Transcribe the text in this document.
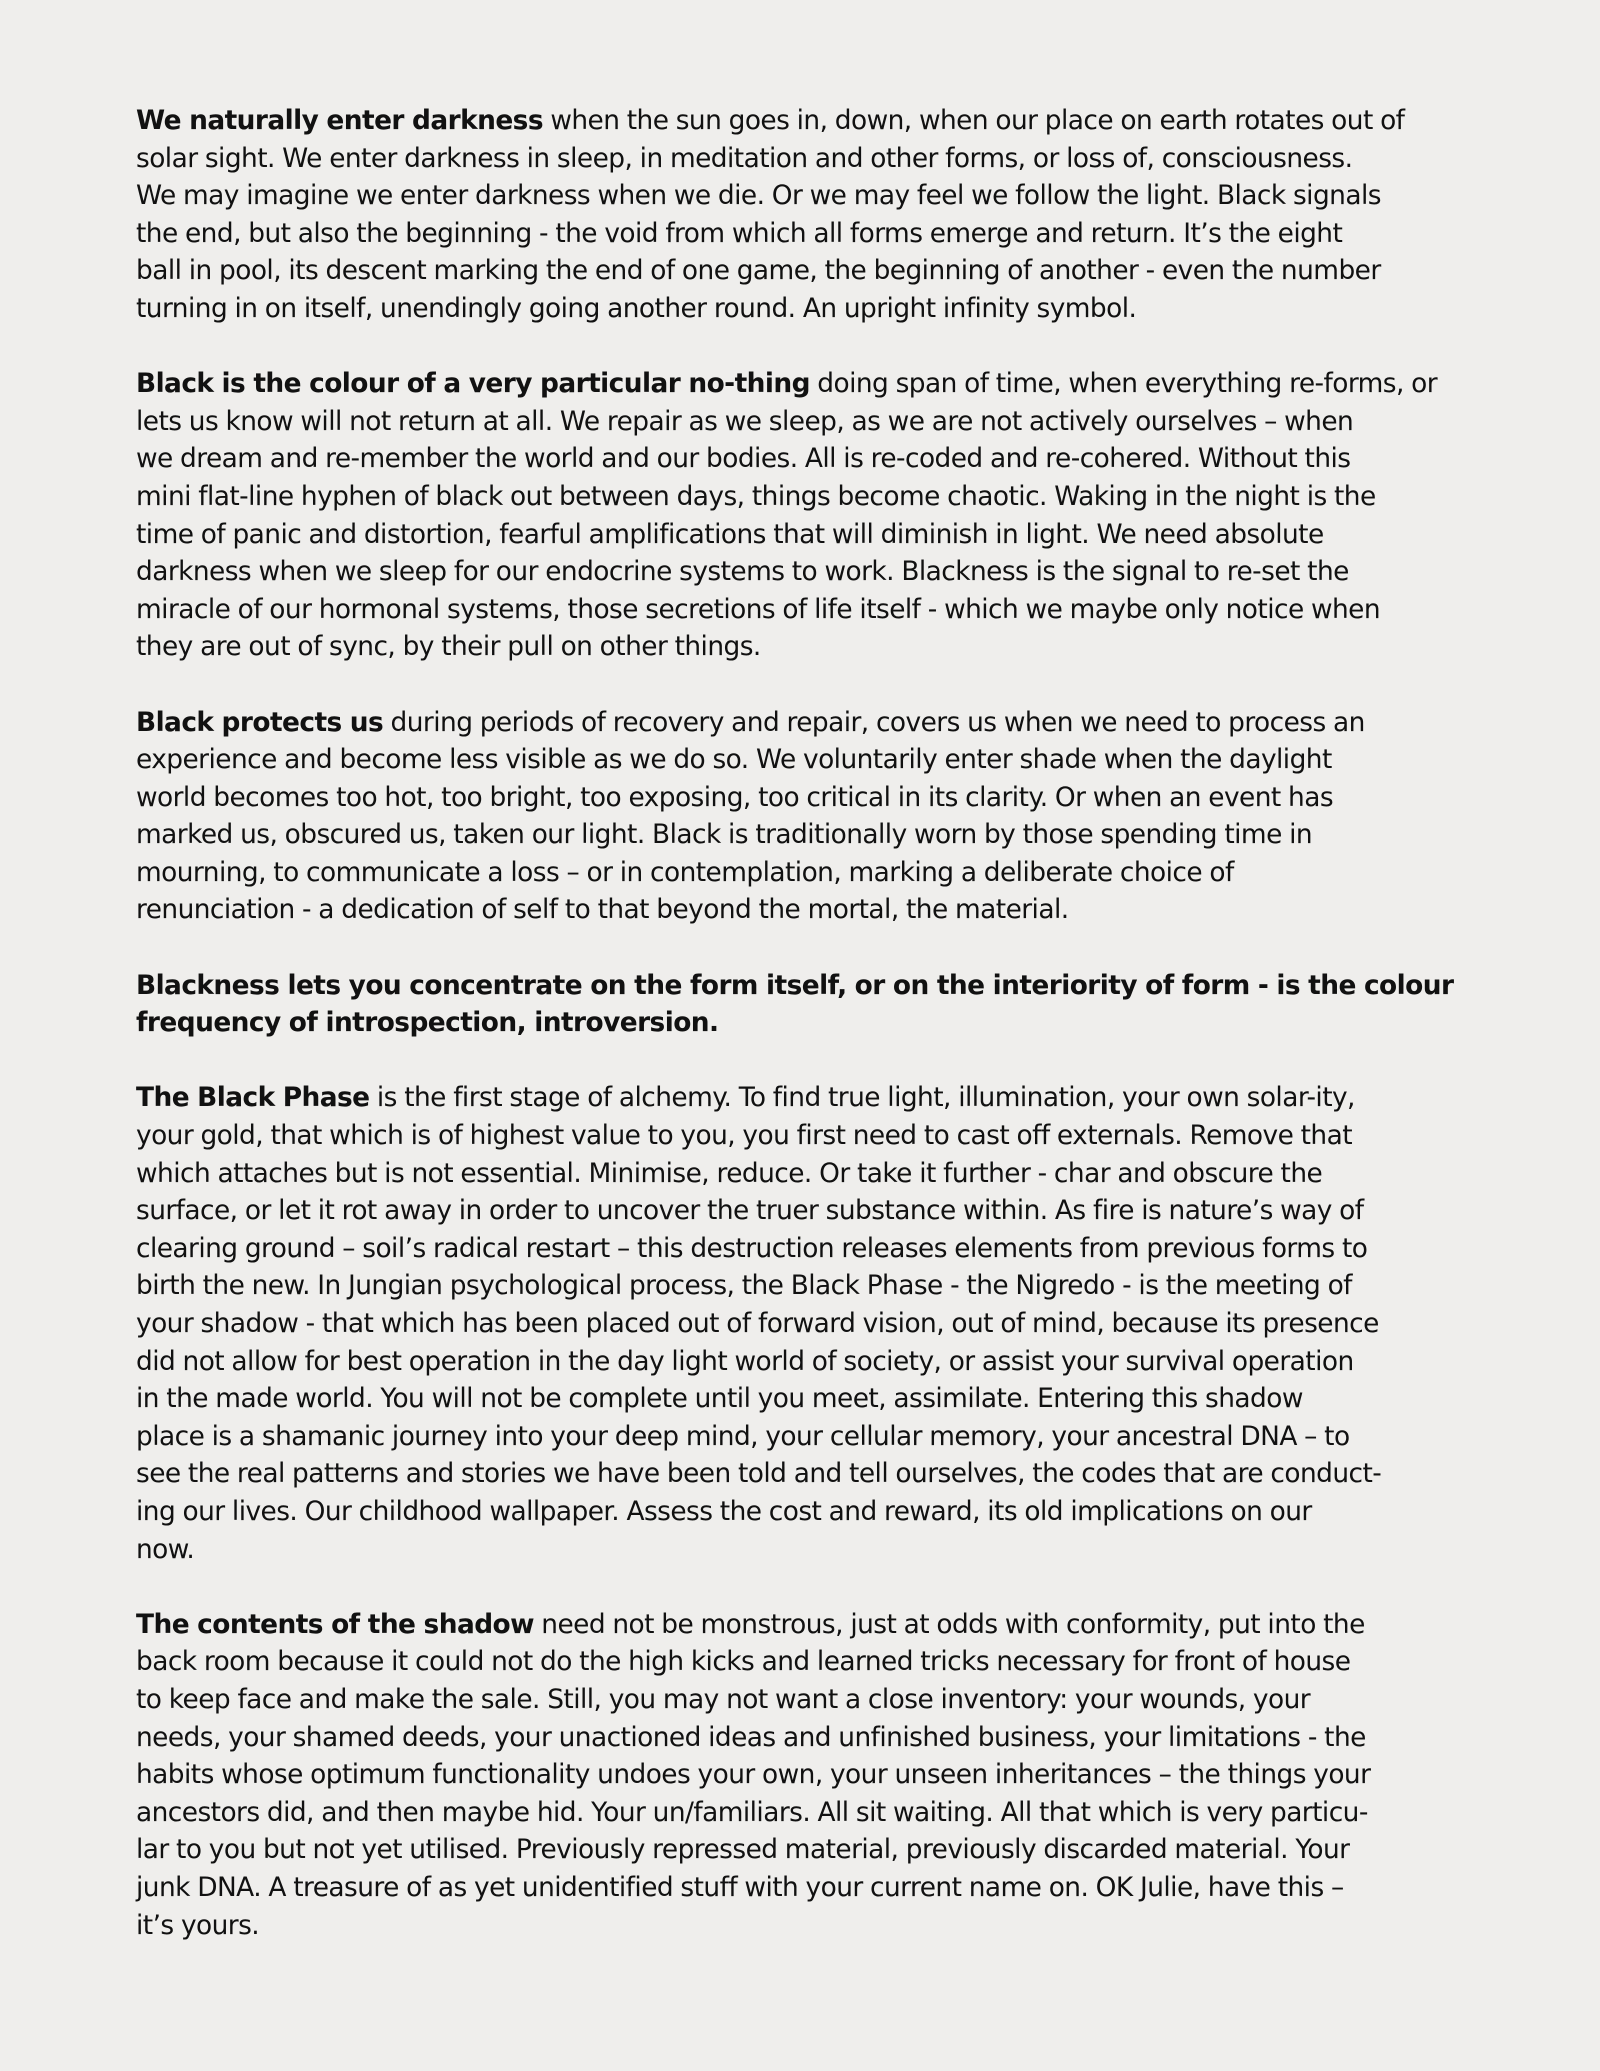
We naturally enter darkness when the sun goes in, down, when our place on earth rotates out of
solar sight. We enter darkness in sleep, in meditation and other forms, or loss of, consciousness.
We may imagine we enter darkness when we die. Or we may feel we follow the light. Black signals
the end, but also the beginning - the void from which all forms emerge and return. It’s the eight
ball in pool, its descent marking the end of one game, the beginning of another - even the number
turning in on itself, unendingly going another round. An upright infinity symbol.

Black is the colour of a very particular no-thing doing span of time, when everything re-forms, or
lets us know will not return at all. We repair as we sleep, as we are not actively ourselves – when
we dream and re-member the world and our bodies. All is re-coded and re-cohered. Without this
mini flat-line hyphen of black out between days, things become chaotic. Waking in the night is the
time of panic and distortion, fearful amplifications that will diminish in light. We need absolute
darkness when we sleep for our endocrine systems to work. Blackness is the signal to re-set the
miracle of our hormonal systems, those secretions of life itself - which we maybe only notice when
they are out of sync, by their pull on other things.

Black protects us during periods of recovery and repair, covers us when we need to process an
experience and become less visible as we do so. We voluntarily enter shade when the daylight
world becomes too hot, too bright, too exposing, too critical in its clarity. Or when an event has
marked us, obscured us, taken our light. Black is traditionally worn by those spending time in
mourning, to communicate a loss – or in contemplation, marking a deliberate choice of
renunciation - a dedication of self to that beyond the mortal, the material.

Blackness lets you concentrate on the form itself, or on the interiority of form - is the colour
frequency of introspection, introversion.

The Black Phase is the first stage of alchemy. To find true light, illumination, your own solar-ity,
your gold, that which is of highest value to you, you first need to cast off externals. Remove that
which attaches but is not essential. Minimise, reduce. Or take it further - char and obscure the
surface, or let it rot away in order to uncover the truer substance within. As fire is nature’s way of
clearing ground – soil’s radical restart – this destruction releases elements from previous forms to
birth the new. In Jungian psychological process, the Black Phase - the Nigredo - is the meeting of
your shadow - that which has been placed out of forward vision, out of mind, because its presence
did not allow for best operation in the day light world of society, or assist your survival operation
in the made world. You will not be complete until you meet, assimilate. Entering this shadow
place is a shamanic journey into your deep mind, your cellular memory, your ancestral DNA – to
see the real patterns and stories we have been told and tell ourselves, the codes that are conduct-
ing our lives. Our childhood wallpaper. Assess the cost and reward, its old implications on our
now.

The contents of the shadow need not be monstrous, just at odds with conformity, put into the
back room because it could not do the high kicks and learned tricks necessary for front of house
to keep face and make the sale. Still, you may not want a close inventory: your wounds, your
needs, your shamed deeds, your unactioned ideas and unfinished business, your limitations - the
habits whose optimum functionality undoes your own, your unseen inheritances – the things your
ancestors did, and then maybe hid. Your un/familiars. All sit waiting. All that which is very particu-
lar to you but not yet utilised. Previously repressed material, previously discarded material. Your
junk DNA. A treasure of as yet unidentified stuff with your current name on. OK Julie, have this –
it’s yours.
